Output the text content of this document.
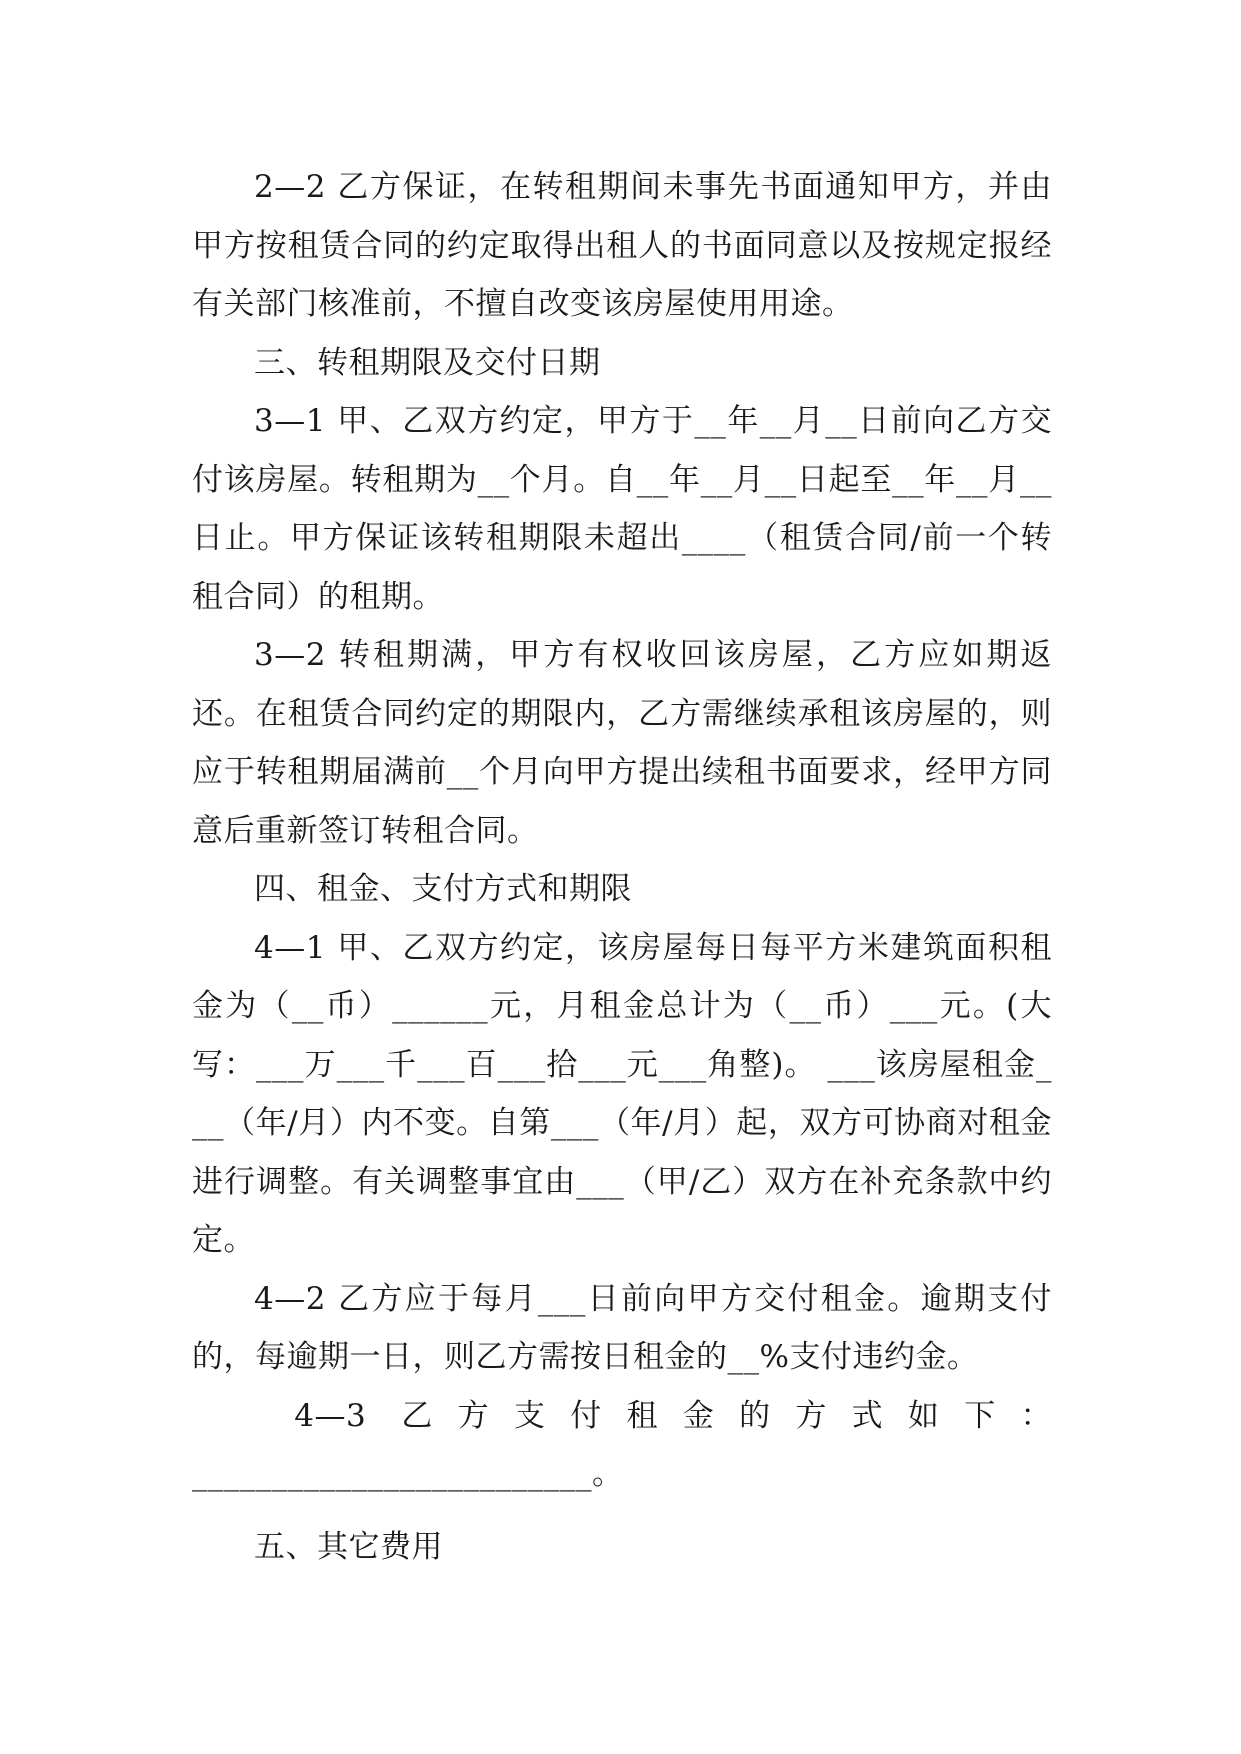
2—2 乙方保证，在转租期间未事先书面通知甲方，并由甲方按租赁合同的约定取得出租人的书面同意以及按规定报经有关部门核准前，不擅自改变该房屋使用用途。

三、转租期限及交付日期

3—1 甲、乙双方约定，甲方于__年__月__日前向乙方交付该房屋。转租期为__个月。自__年__月__日起至__年__月__日止。甲方保证该转租期限未超出____（租赁合同/前一个转租合同）的租期。

3—2 转租期满，甲方有权收回该房屋，乙方应如期返还。在租赁合同约定的期限内，乙方需继续承租该房屋的，则应于转租期届满前__个月向甲方提出续租书面要求，经甲方同意后重新签订转租合同。

四、租金、支付方式和期限

4—1 甲、乙双方约定，该房屋每日每平方米建筑面积租金为（__币）______元，月租金总计为（__币）___元。(大写：___万___千___百___拾___元___角整)。 ___该房屋租金___（年/月）内不变。自第___（年/月）起，双方可协商对租金进行调整。有关调整事宜由___（甲/乙）双方在补充条款中约定。

4—2 乙方应于每月___日前向甲方交付租金。逾期支付的，每逾期一日，则乙方需按日租金的__%支付违约金。

4—3 乙方支付租金的方式如下：

_________________________。

五、其它费用
